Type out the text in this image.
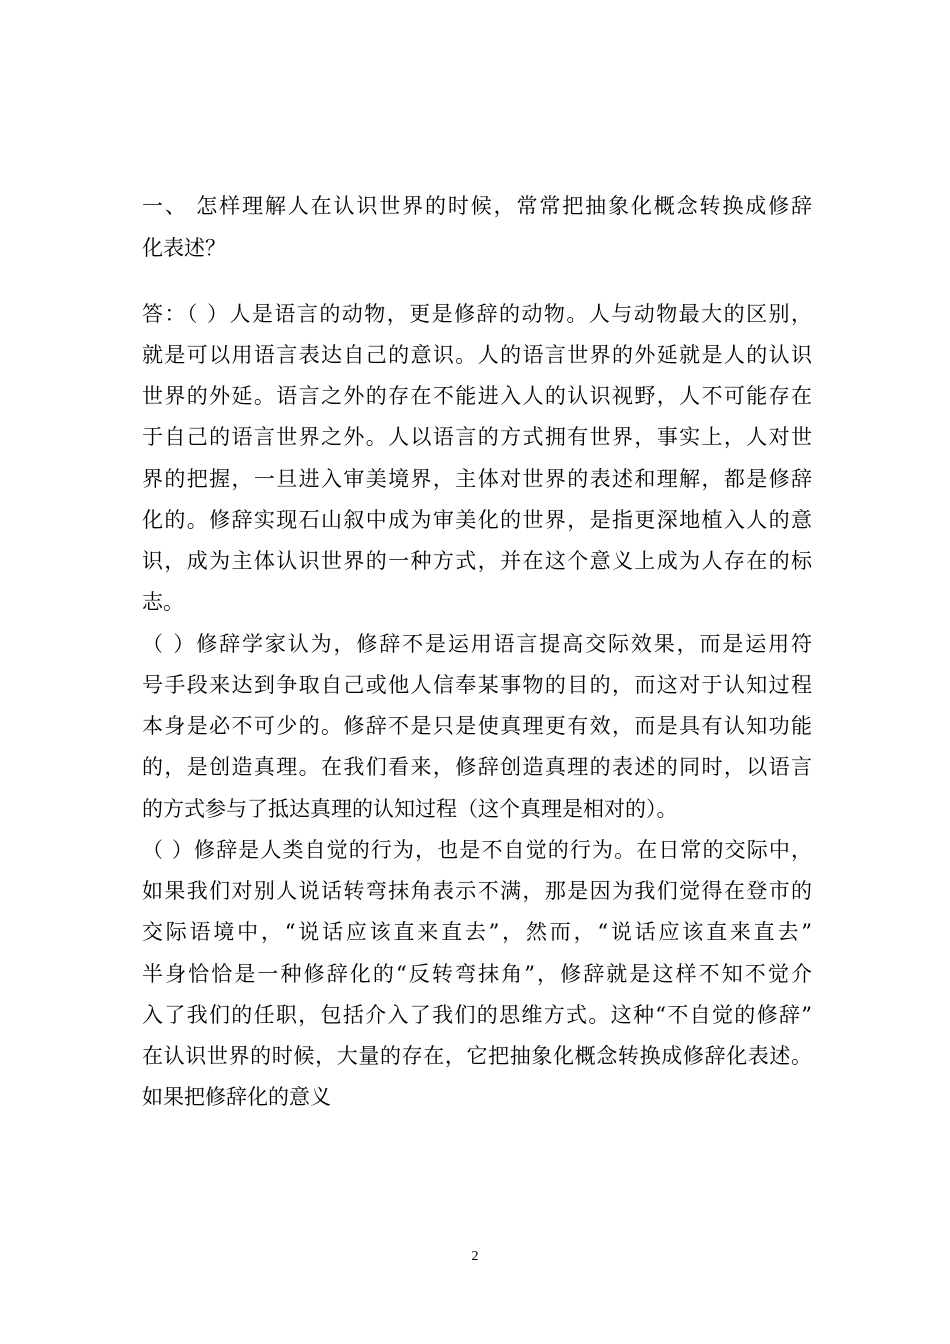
一、 怎样理解人在认识世界的时候，常常把抽象化概念转换成修辞
化表述？
答：（ ）人是语言的动物，更是修辞的动物。人与动物最大的区别，
就是可以用语言表达自己的意识。人的语言世界的外延就是人的认识
世界的外延。语言之外的存在不能进入人的认识视野，人不可能存在
于自己的语言世界之外。人以语言的方式拥有世界，事实上，人对世
界的把握，一旦进入审美境界，主体对世界的表述和理解，都是修辞
化的。修辞实现石山叙中成为审美化的世界，是指更深地植入人的意
识，成为主体认识世界的一种方式，并在这个意义上成为人存在的标
志。
（ ）修辞学家认为，修辞不是运用语言提高交际效果，而是运用符
号手段来达到争取自己或他人信奉某事物的目的，而这对于认知过程
本身是必不可少的。修辞不是只是使真理更有效，而是具有认知功能
的，是创造真理。在我们看来，修辞创造真理的表述的同时，以语言
的方式参与了抵达真理的认知过程（这个真理是相对的）。
（ ）修辞是人类自觉的行为，也是不自觉的行为。在日常的交际中，
如果我们对别人说话转弯抹角表示不满，那是因为我们觉得在登市的
交际语境中，“说话应该直来直去”，然而，“说话应该直来直去”
半身恰恰是一种修辞化的“反转弯抹角”，修辞就是这样不知不觉介
入了我们的任职，包括介入了我们的思维方式。这种“不自觉的修辞”
在认识世界的时候，大量的存在，它把抽象化概念转换成修辞化表述。
如果把修辞化的意义
2
